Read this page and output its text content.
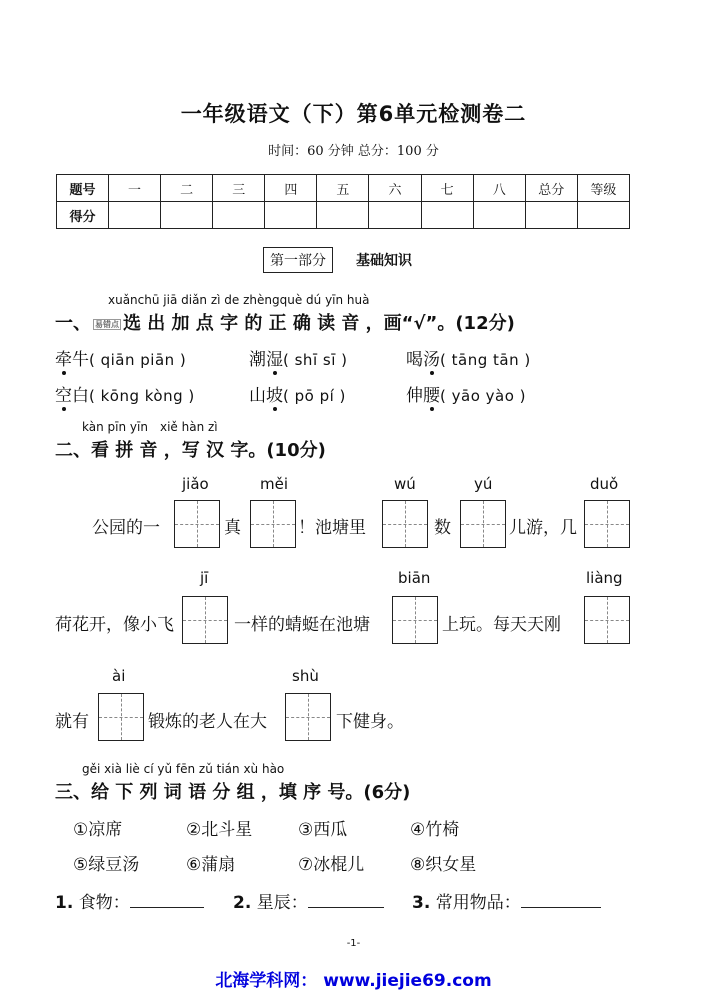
一年级语文（下）第6单元检测卷二
时间：60 分钟 总分：100 分
题号	一	二	三	四	五	六	七	八	总分	等级
得分										
第一部分	基础知识
xuǎnchū jiā diǎn zì de zhèngquè dú yīn huà
一、 易错点 选 出 加 点 字 的 正 确 读 音 ，画“√”。(12分)
牵牛( qiān piān )	潮湿( shī sī )	喝汤( tāng tān )
空白( kōng kòng )	山坡( pō pí )	伸腰( yāo yào )
kàn pīn yīn xiě hàn zì
二、看 拼 音 ，写 汉 字。(10分)
jiǎo	měi	wú	yú	duǒ
公园的一	真	！池塘里	数	儿游，几
jī	biān	liàng
荷花开，像小飞	一样的蜻蜓在池塘	上玩。每天天刚
ài	shù
就有	锻炼的老人在大	下健身。
gěi xià liè cí yǔ fēn zǔ tián xù hào
三、给 下 列 词 语 分 组 ，填 序 号。(6分)
①凉席	②北斗星	③西瓜	④竹椅
⑤绿豆汤	⑥蒲扇	⑦冰棍儿	⑧织女星
1. 食物：	2. 星辰：	3. 常用物品：
-1-
北海学科网： www.jiejie69.com
